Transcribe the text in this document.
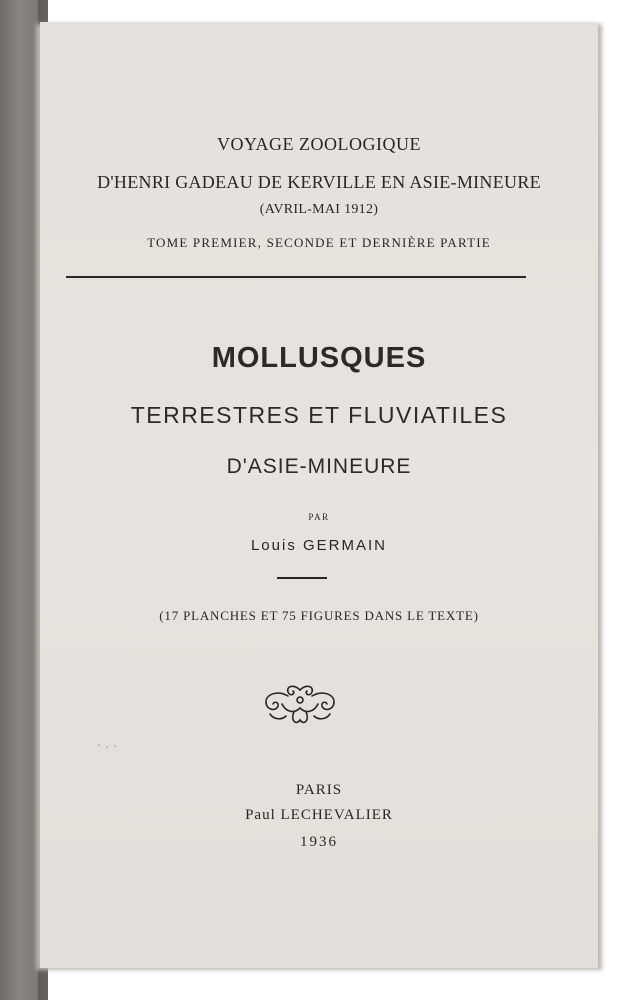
VOYAGE ZOOLOGIQUE
D'HENRI GADEAU DE KERVILLE EN ASIE-MINEURE
(AVRIL-MAI 1912)
TOME PREMIER, SECONDE ET DERNIÈRE PARTIE
MOLLUSQUES
TERRESTRES ET FLUVIATILES
D'ASIE-MINEURE
PAR
Louis GERMAIN
(17 PLANCHES ET 75 FIGURES DANS LE TEXTE)
PARIS
Paul LECHEVALIER
1936
